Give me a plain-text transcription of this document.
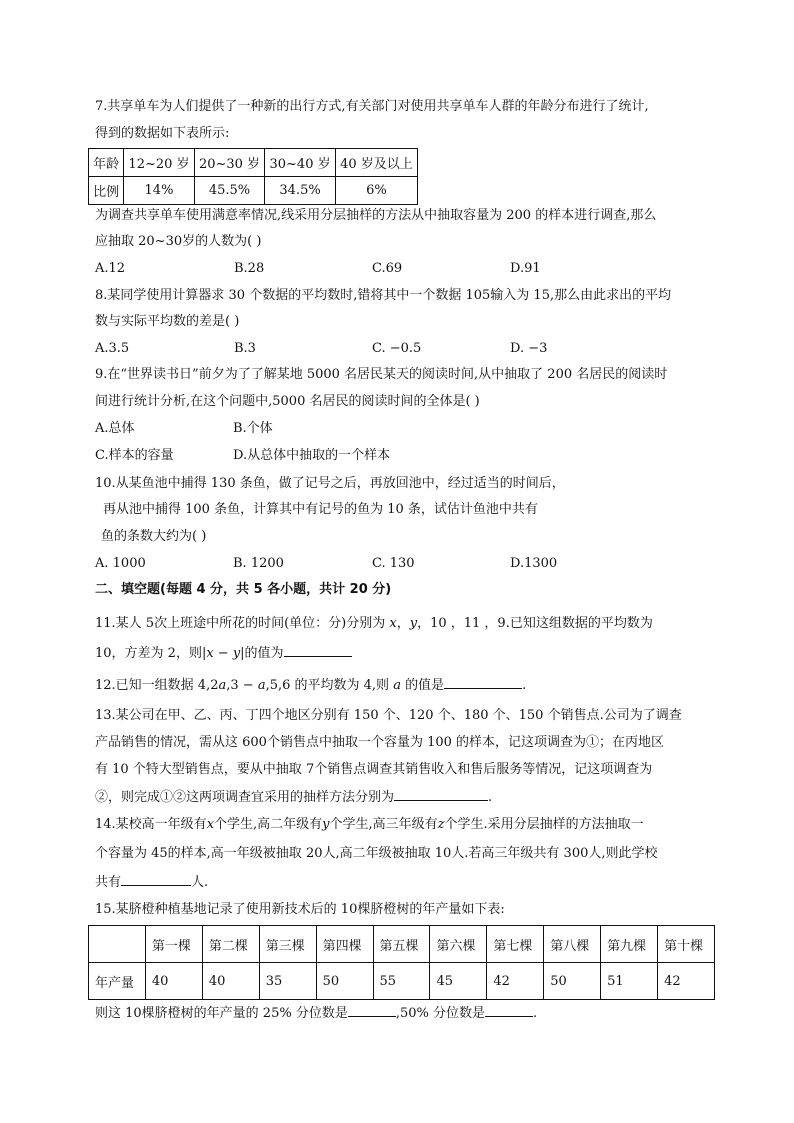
7.共享单车为人们提供了一种新的出行方式,有关部门对使用共享单车人群的年龄分布进行了统计,
得到的数据如下表所示:
年龄	12~20 岁	20~30 岁	30~40 岁	40 岁及以上
比例	14%	45.5%	34.5%	6%
为调查共享单车使用满意率情况,线采用分层抽样的方法从中抽取容量为 200 的样本进行调查,那么
应抽取 20~30岁的人数为( )
A.12	B.28	C.69	D.91
8.某同学使用计算器求 30 个数据的平均数时,错将其中一个数据 105输入为 15,那么由此求出的平均
数与实际平均数的差是( )
A.3.5	B.3	C. −0.5	D. −3
9.在“世界读书日”前夕为了了解某地 5000 名居民某天的阅读时间,从中抽取了 200 名居民的阅读时
间进行统计分析,在这个问题中,5000 名居民的阅读时间的全体是( )
A.总体	B.个体
C.样本的容量	D.从总体中抽取的一个样本
10.从某鱼池中捕得 130 条鱼，做了记号之后，再放回池中，经过适当的时间后，
再从池中捕得 100 条鱼，计算其中有记号的鱼为 10 条，试估计鱼池中共有
鱼的条数大约为( )
A. 1000	B. 1200	C. 130	D.1300
二、填空题(每题 4 分，共 5 各小题，共计 20 分)
11.某人 5次上班途中所花的时间(单位：分)分别为 x，y，10 ，11 ，9.已知这组数据的平均数为
10，方差为 2，则|x − y|的值为
12.已知一组数据 4,2a,3 − a,5,6 的平均数为 4,则 a 的值是	.
13.某公司在甲、乙、丙、丁四个地区分别有 150 个、120 个、180 个、150 个销售点.公司为了调查
产品销售的情况，需从这 600个销售点中抽取一个容量为 100 的样本，记这项调查为①；在丙地区
有 10 个特大型销售点，要从中抽取 7个销售点调查其销售收入和售后服务等情况，记这项调查为
②，则完成①②这两项调查宜采用的抽样方法分别为	.
14.某校高一年级有x个学生,高二年级有y个学生,高三年级有z个学生.采用分层抽样的方法抽取一
个容量为 45的样本,高一年级被抽取 20人,高二年级被抽取 10人.若高三年级共有 300人,则此学校
共有	人.
15.某脐橙种植基地记录了使用新技术后的 10棵脐橙树的年产量如下表:
	第一棵	第二棵	第三棵	第四棵	第五棵	第六棵	第七棵	第八棵	第九棵	第十棵
年产量	40	40	35	50	55	45	42	50	51	42
则这 10棵脐橙树的年产量的 25% 分位数是	,50% 分位数是	.
